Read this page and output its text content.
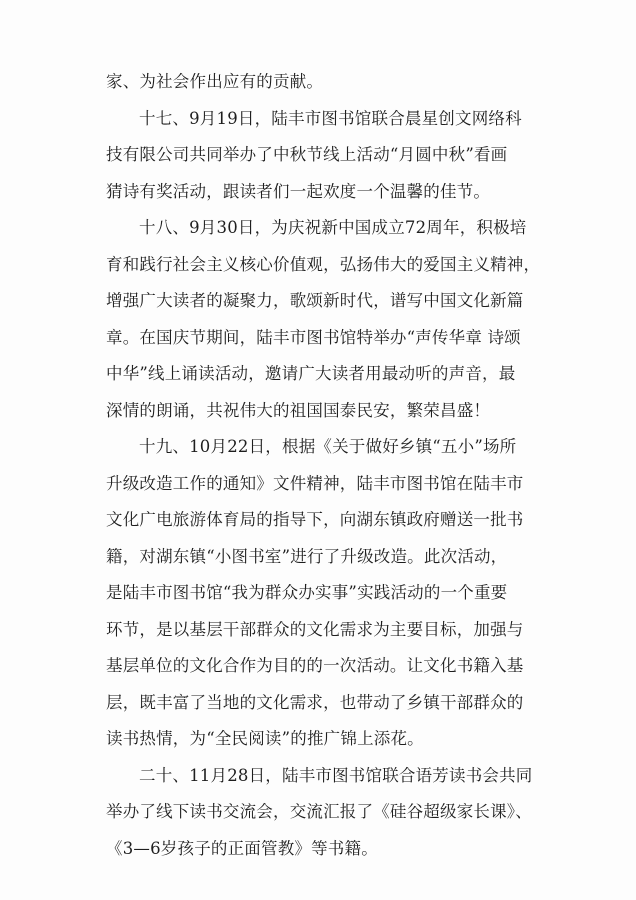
家、为社会作出应有的贡献。
十七、9月19日，陆丰市图书馆联合晨星创文网络科
技有限公司共同举办了中秋节线上活动“月圆中秋”看画
猜诗有奖活动，跟读者们一起欢度一个温馨的佳节。
十八、9月30日，为庆祝新中国成立72周年，积极培
育和践行社会主义核心价值观，弘扬伟大的爱国主义精神，
增强广大读者的凝聚力，歌颂新时代，谱写中国文化新篇
章。在国庆节期间，陆丰市图书馆特举办“声传华章 诗颂
中华”线上诵读活动，邀请广大读者用最动听的声音，最
深情的朗诵，共祝伟大的祖国国泰民安，繁荣昌盛！
十九、10月22日，根据《关于做好乡镇“五小”场所
升级改造工作的通知》文件精神，陆丰市图书馆在陆丰市
文化广电旅游体育局的指导下，向湖东镇政府赠送一批书
籍，对湖东镇“小图书室”进行了升级改造。此次活动，
是陆丰市图书馆“我为群众办实事”实践活动的一个重要
环节，是以基层干部群众的文化需求为主要目标，加强与
基层单位的文化合作为目的的一次活动。让文化书籍入基
层，既丰富了当地的文化需求，也带动了乡镇干部群众的
读书热情，为“全民阅读”的推广锦上添花。
二十、11月28日，陆丰市图书馆联合语芳读书会共同
举办了线下读书交流会，交流汇报了《硅谷超级家长课》、
《3—6岁孩子的正面管教》等书籍。
